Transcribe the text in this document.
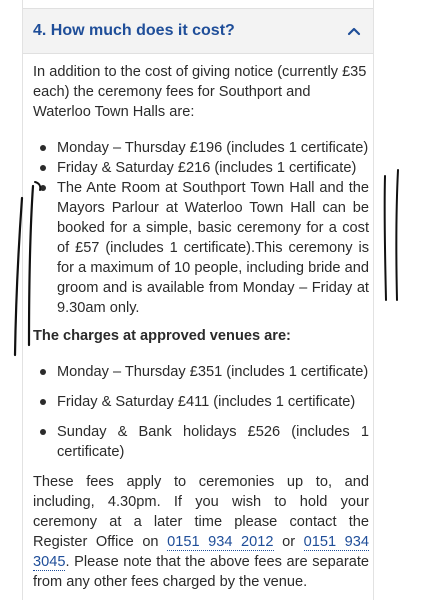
4. How much does it cost?

In addition to the cost of giving notice (currently £35 each) the ceremony fees for Southport and Waterloo Town Halls are:

Monday – Thursday £196 (includes 1 certificate)
Friday & Saturday £216 (includes 1 certificate)
The Ante Room at Southport Town Hall and the Mayors Parlour at Waterloo Town Hall can be booked for a simple, basic ceremony for a cost of £57 (includes 1 certificate).This ceremony is for a maximum of 10 people, including bride and groom and is available from Monday – Friday at 9.30am only.

The charges at approved venues are:

Monday – Thursday £351 (includes 1 certificate)
Friday & Saturday £411 (includes 1 certificate)
Sunday & Bank holidays £526 (includes 1 certificate)

These fees apply to ceremonies up to, and including, 4.30pm. If you wish to hold your ceremony at a later time please contact the Register Office on 0151 934 2012 or 0151 934 3045. Please note that the above fees are separate from any other fees charged by the venue.
